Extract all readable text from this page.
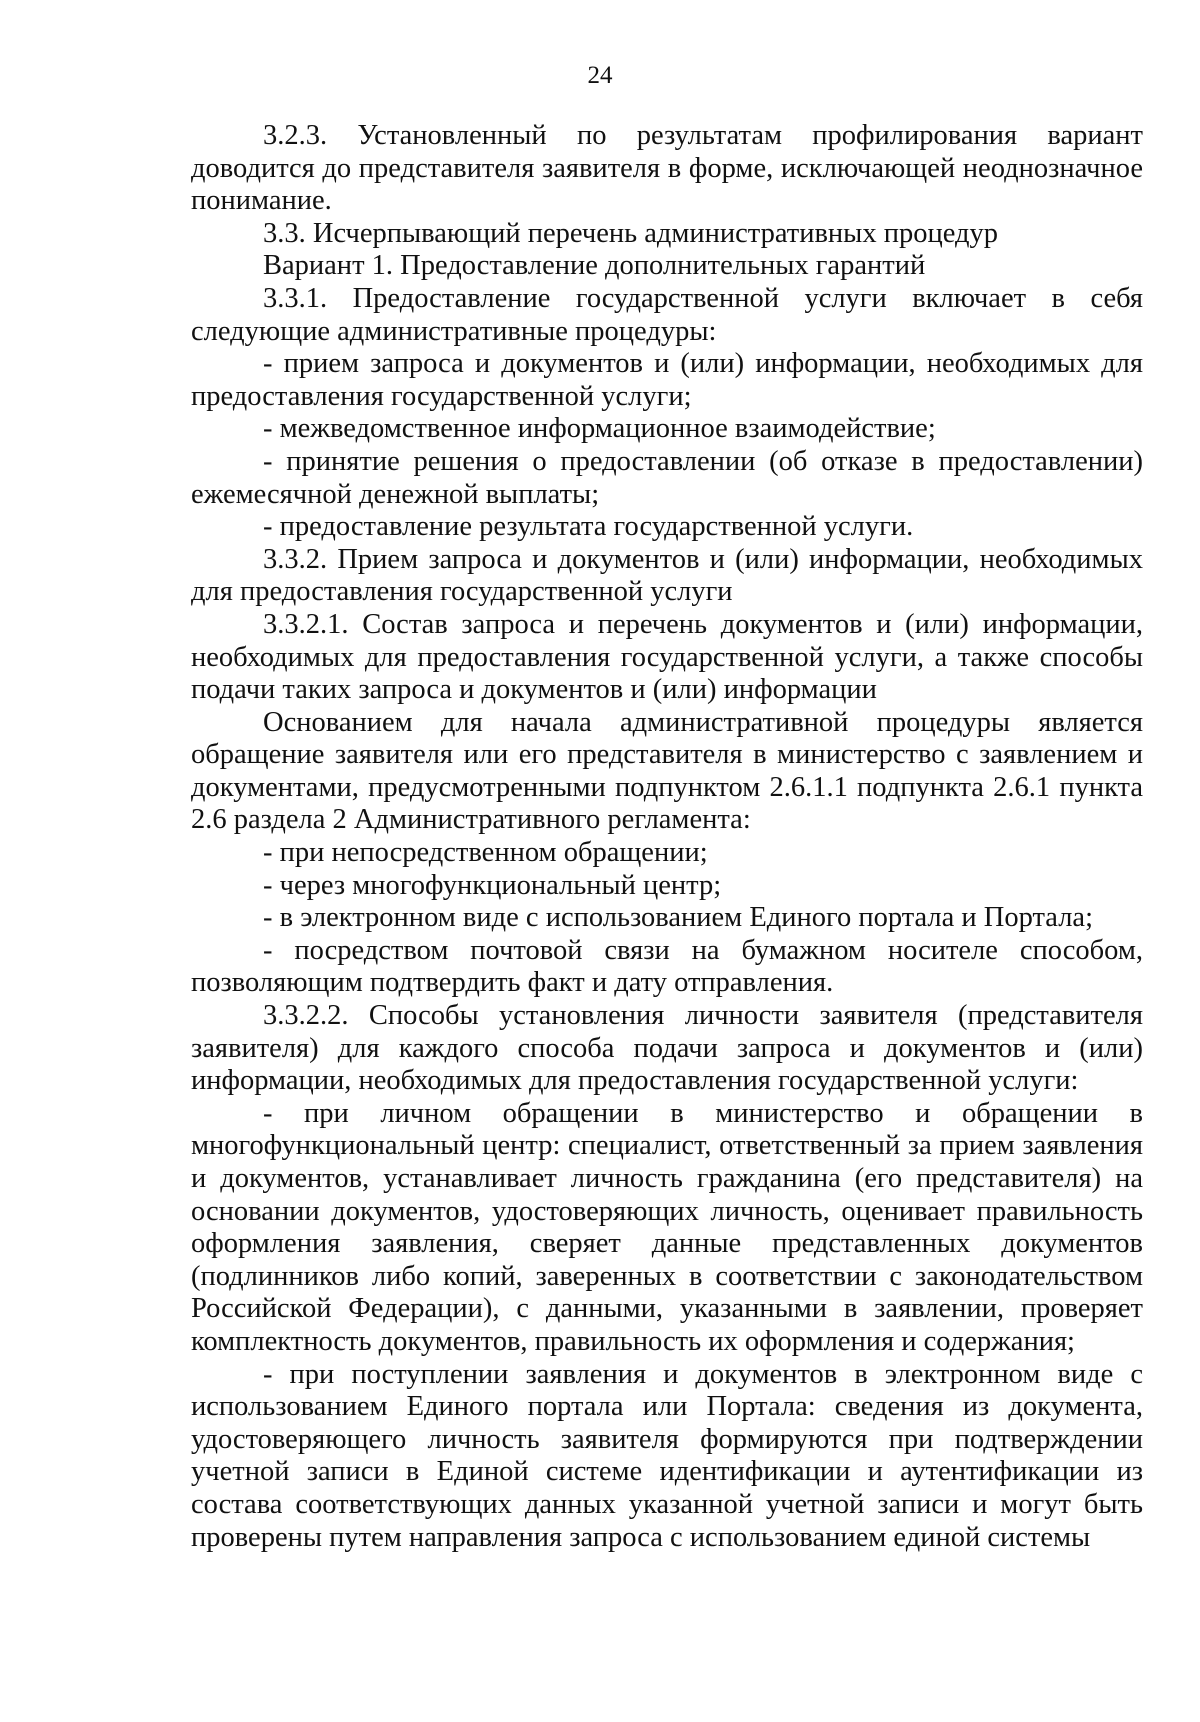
24

3.2.3. Установленный по результатам профилирования вариант доводится до представителя заявителя в форме, исключающей неоднозначное понимание.

3.3. Исчерпывающий перечень административных процедур

Вариант 1. Предоставление дополнительных гарантий

3.3.1. Предоставление государственной услуги включает в себя следующие административные процедуры:

- прием запроса и документов и (или) информации, необходимых для предоставления государственной услуги;

- межведомственное информационное взаимодействие;

- принятие решения о предоставлении (об отказе в предоставлении) ежемесячной денежной выплаты;

- предоставление результата государственной услуги.

3.3.2. Прием запроса и документов и (или) информации, необходимых для предоставления государственной услуги

3.3.2.1. Состав запроса и перечень документов и (или) информации, необходимых для предоставления государственной услуги, а также способы подачи таких запроса и документов и (или) информации

Основанием для начала административной процедуры является обращение заявителя или его представителя в министерство с заявлением и документами, предусмотренными подпунктом 2.6.1.1 подпункта 2.6.1 пункта 2.6 раздела 2 Административного регламента:

- при непосредственном обращении;

- через многофункциональный центр;

- в электронном виде с использованием Единого портала и Портала;

- посредством почтовой связи на бумажном носителе способом, позволяющим подтвердить факт и дату отправления.

3.3.2.2. Способы установления личности заявителя (представителя заявителя) для каждого способа подачи запроса и документов и (или) информации, необходимых для предоставления государственной услуги:

- при личном обращении в министерство и обращении в многофункциональный центр: специалист, ответственный за прием заявления и документов, устанавливает личность гражданина (его представителя) на основании документов, удостоверяющих личность, оценивает правильность оформления заявления, сверяет данные представленных документов (подлинников либо копий, заверенных в соответствии с законодательством Российской Федерации), с данными, указанными в заявлении, проверяет комплектность документов, правильность их оформления и содержания;

- при поступлении заявления и документов в электронном виде с использованием Единого портала или Портала: сведения из документа, удостоверяющего личность заявителя формируются при подтверждении учетной записи в Единой системе идентификации и аутентификации из состава соответствующих данных указанной учетной записи и могут быть проверены путем направления запроса с использованием единой системы
